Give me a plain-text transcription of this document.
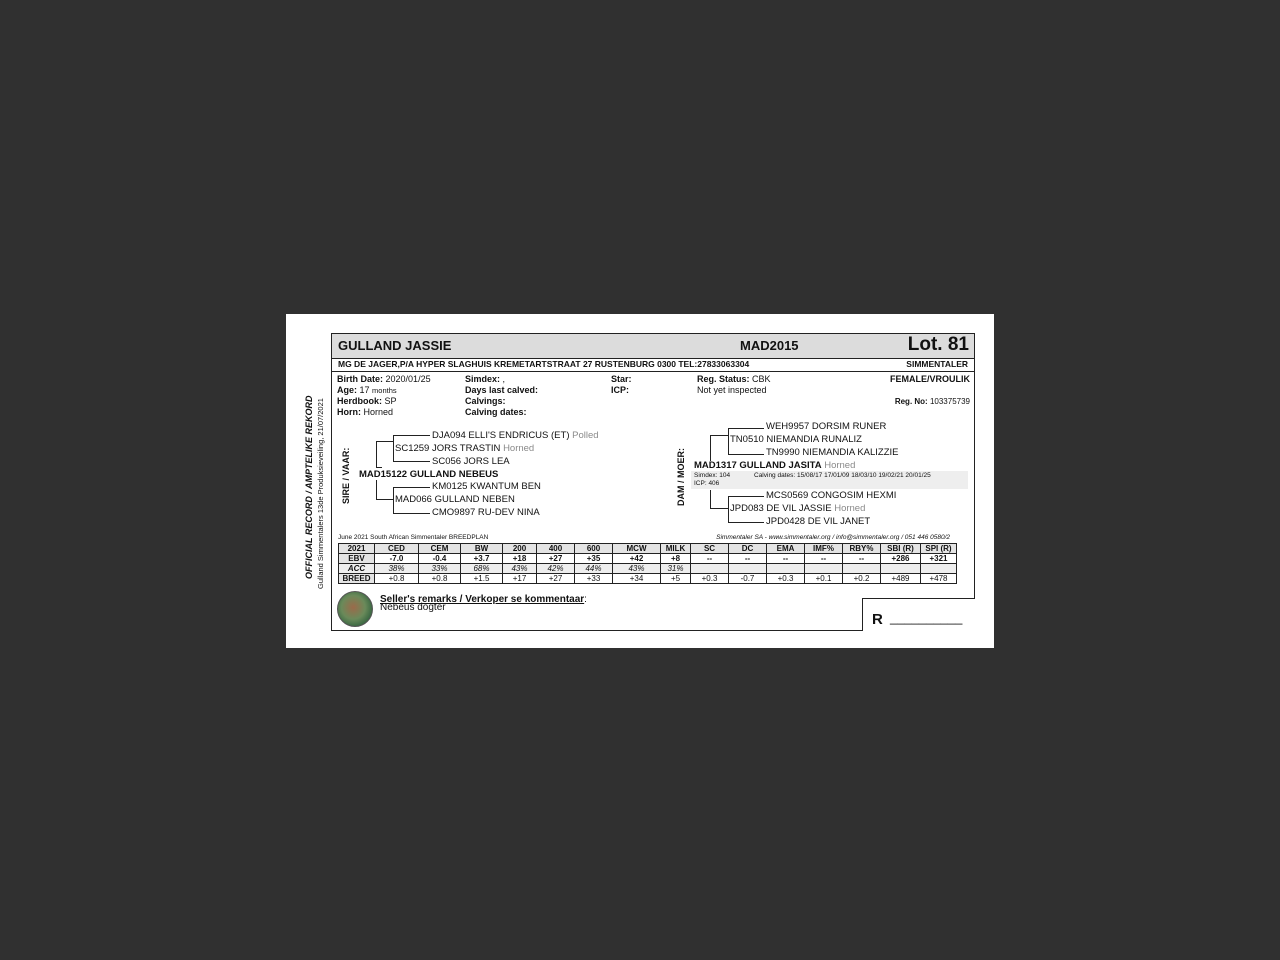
OFFICIAL RECORD / AMPTELIKE REKORD Gulland Simmentalers 13de Produksieveiling, 21/07/2021
GULLAND JASSIE	MAD2015	Lot. 81
MG DE JAGER,P/A HYPER SLAGHUIS KREMETARTSTRAAT 27 RUSTENBURG 0300 TEL:27833063304	SIMMENTALER
Birth Date: 2020/01/25
Age: 17 months
Herdbook: SP
Horn: Horned
Simdex: ,
Days last calved:
Calvings:
Calving dates:
Star:
ICP:
Reg. Status: CBK
Not yet inspected
FEMALE/VROULIK
Reg. No: 103375739
SIRE / VAAR:	SC1259 JORS TRASTIN Horned
DJA094 ELLI'S ENDRICUS (ET) Polled
SC056 JORS LEA
MAD15122 GULLAND NEBEUS
KM0125 KWANTUM BEN
MAD066 GULLAND NEBEN
CMO9897 RU-DEV NINA
DAM / MOER:
WEH9957 DORSIM RUNER
TN0510 NIEMANDIA RUNALIZ
TN9990 NIEMANDIA KALIZZIE
MAD1317 GULLAND JASITA Horned
Simdex: 104	Calving dates: 15/08/17 17/01/09 18/03/10 19/02/21 20/01/25
ICP: 406
MCS0569 CONGOSIM HEXMI
JPD083 DE VIL JASSIE Horned
JPD0428 DE VIL JANET
June 2021 South African Simmentaler BREEDPLAN	Simmentaler SA - www.simmentaler.org / info@simmentaler.org / 051 446 0580/2
2021	CED	CEM	BW	200	400	600	MCW	MILK	SC	DC	EMA	IMF%	RBY%	SBI (R)	SPI (R)
EBV	-7.0	-0.4	+3.7	+18	+27	+35	+42	+8	--	--	--	--	--	+286	+321
ACC	38%	33%	68%	43%	42%	44%	43%	31%							
BREED	+0.8	+0.8	+1.5	+17	+27	+33	+34	+5	+0.3	-0.7	+0.3	+0.1	+0.2	+489	+478
Seller's remarks / Verkoper se kommentaar:
Nebeus dogter
R __________
